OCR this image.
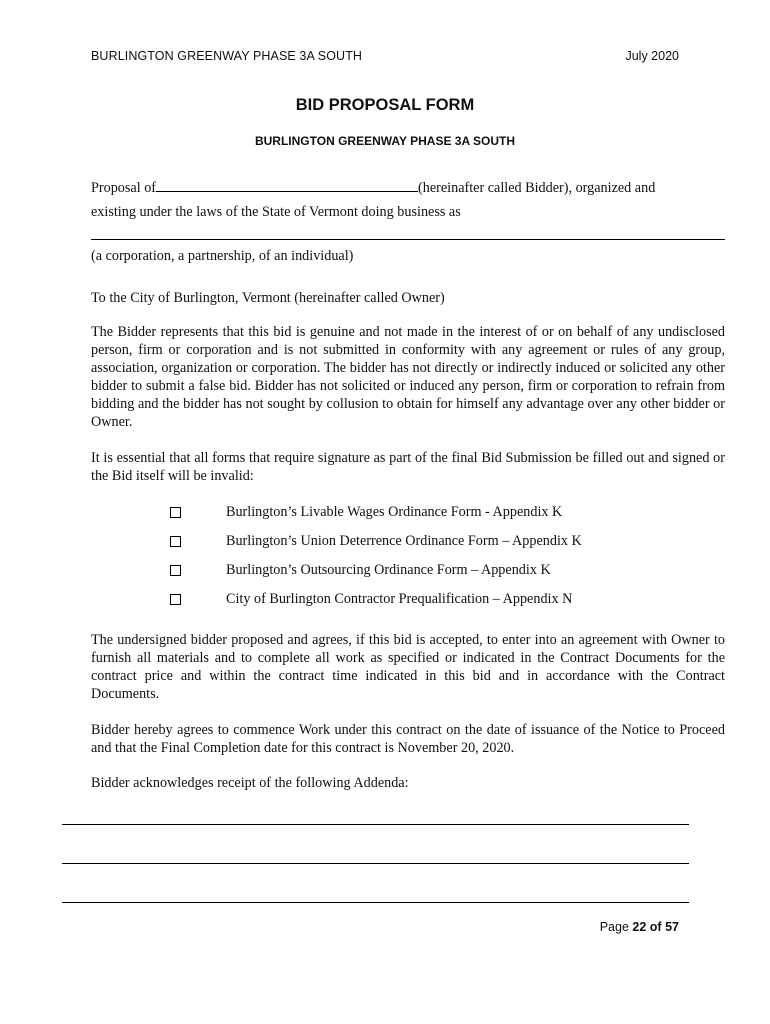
BURLINGTON GREENWAY PHASE 3A SOUTH	July 2020
BID PROPOSAL FORM
BURLINGTON GREENWAY PHASE 3A SOUTH
Proposal of	(hereinafter called Bidder), organized and
existing under the laws of the State of Vermont doing business as
(a corporation, a partnership, of an individual)
To the City of Burlington, Vermont (hereinafter called Owner)
The Bidder represents that this bid is genuine and not made in the interest of or on behalf of any undisclosed person, firm or corporation and is not submitted in conformity with any agreement or rules of any group, association, organization or corporation. The bidder has not directly or indirectly induced or solicited any other bidder to submit a false bid. Bidder has not solicited or induced any person, firm or corporation to refrain from bidding and the bidder has not sought by collusion to obtain for himself any advantage over any other bidder or Owner.
It is essential that all forms that require signature as part of the final Bid Submission be filled out and signed or the Bid itself will be invalid:
Burlington’s Livable Wages Ordinance Form - Appendix K
Burlington’s Union Deterrence Ordinance Form – Appendix K
Burlington’s Outsourcing Ordinance Form – Appendix K
City of Burlington Contractor Prequalification – Appendix N
The undersigned bidder proposed and agrees, if this bid is accepted, to enter into an agreement with Owner to furnish all materials and to complete all work as specified or indicated in the Contract Documents for the contract price and within the contract time indicated in this bid and in accordance with the Contract Documents.
Bidder hereby agrees to commence Work under this contract on the date of issuance of the Notice to Proceed and that the Final Completion date for this contract is November 20, 2020.
Bidder acknowledges receipt of the following Addenda:
Page 22 of 57
